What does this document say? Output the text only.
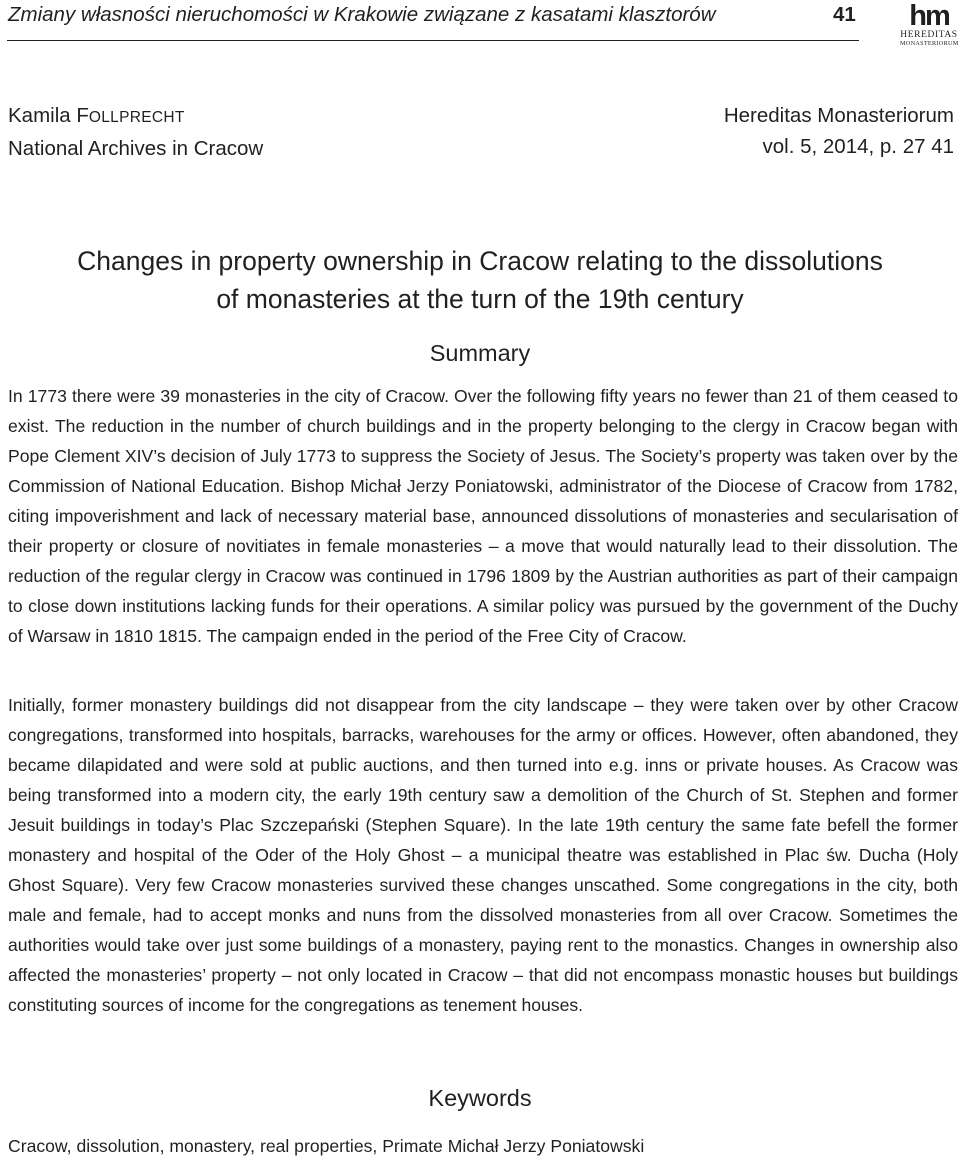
Zmiany własności nieruchomości w Krakowie związane z kasatami klasztorów	41	hm
HEREDITAS
MONASTERIORUM
Kamila FOLLPRECHT
National Archives in Cracow
Hereditas Monasteriorum
vol. 5, 2014, p. 27 41
Changes in property ownership in Cracow relating to the dissolutions
of monasteries at the turn of the 19th century
Summary

In 1773 there were 39 monasteries in the city of Cracow. Over the following fifty years no fewer than 21 of them ceased to exist. The reduction in the number of church buildings and in the property belonging to the clergy in Cracow began with Pope Clement XIV’s decision of July 1773 to suppress the Society of Jesus. The Society’s property was taken over by the Commission of National Education. Bishop Michał Jerzy Poniatowski, administrator of the Diocese of Cracow from 1782, citing impoverishment and lack of necessary material base, announced dissolutions of monasteries and secularisation of their property or closure of novitiates in female monasteries – a move that would naturally lead to their dissolution. The reduction of the regular clergy in Cracow was continued in 1796 1809 by the Austrian authorities as part of their campaign to close down institutions lacking funds for their operations. A similar policy was pursued by the government of the Duchy of Warsaw in 1810 1815. The campaign ended in the period of the Free City of Cracow.

Initially, former monastery buildings did not disappear from the city landscape – they were taken over by other Cracow congregations, transformed into hospitals, barracks, warehouses for the army or offices. However, often abandoned, they became dilapidated and were sold at public auctions, and then turned into e.g. inns or private houses. As Cracow was being transformed into a modern city, the early 19th century saw a demolition of the Church of St. Stephen and former Jesuit buildings in today’s Plac Szczepański (Stephen Square). In the late 19th century the same fate befell the former monastery and hospital of the Oder of the Holy Ghost – a municipal theatre was established in Plac św. Ducha (Holy Ghost Square). Very few Cracow monasteries survived these changes unscathed. Some congregations in the city, both male and female, had to accept monks and nuns from the dissolved monasteries from all over Cracow. Sometimes the authorities would take over just some buildings of a monastery, paying rent to the monastics. Changes in ownership also affected the monasteries’ property – not only located in Cracow – that did not encompass monastic houses but buildings constituting sources of income for the congregations as tenement houses.

Keywords
Cracow, dissolution, monastery, real properties, Primate Michał Jerzy Poniatowski
